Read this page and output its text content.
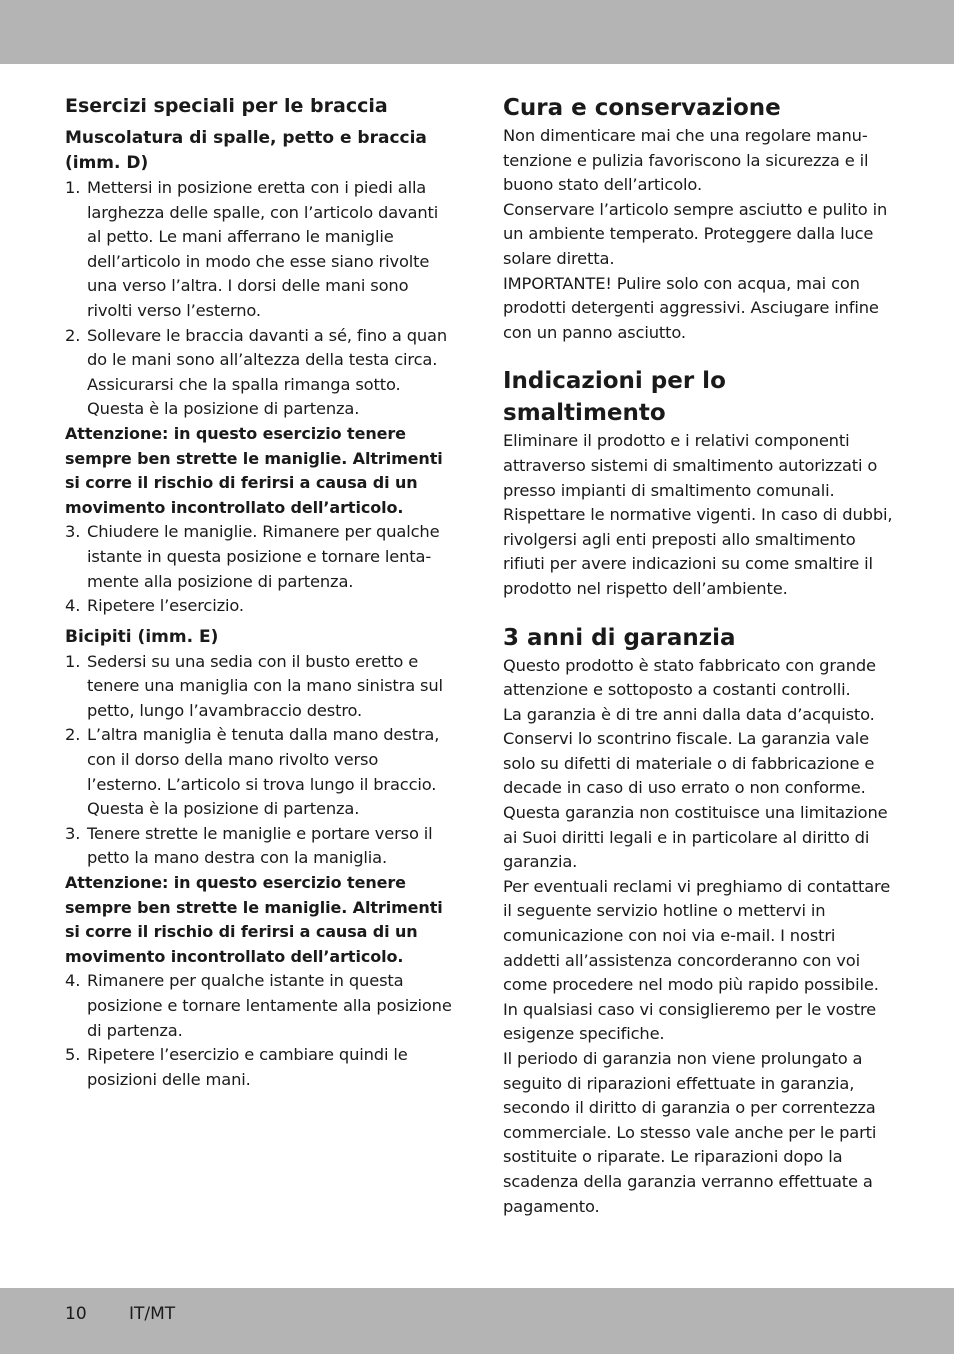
Esercizi speciali per le braccia
Muscolatura di spalle, petto e braccia (imm. D)
1. Mettersi in posizione eretta con i piedi alla larghezza delle spalle, con l’articolo davanti al petto. Le mani afferrano le maniglie dell’articolo in modo che esse siano rivolte una verso l’altra. I dorsi delle mani sono rivolti verso l’esterno.
2. Sollevare le braccia davanti a sé, fino a quan do le mani sono all’altezza della testa circa. Assicurarsi che la spalla rimanga sotto. Questa è la posizione di partenza.

Attenzione: in questo esercizio tenere sempre ben strette le maniglie. Altrimenti si corre il rischio di ferirsi a causa di un movimento incontrollato dell’articolo.

3. Chiudere le maniglie. Rimanere per qualche istante in questa posizione e tornare lentamente alla posizione di partenza.
4. Ripetere l’esercizio.
Bicipiti (imm. E)
1. Sedersi su una sedia con il busto eretto e tenere una maniglia con la mano sinistra sul petto, lungo l’avambraccio destro.
2. L’altra maniglia è tenuta dalla mano destra, con il dorso della mano rivolto verso l’esterno. L’articolo si trova lungo il braccio. Questa è la posizione di partenza.
3. Tenere strette le maniglie e portare verso il petto la mano destra con la maniglia.

Attenzione: in questo esercizio tenere sempre ben strette le maniglie. Altrimenti si corre il rischio di ferirsi a causa di un movimento incontrollato dell’articolo.

4. Rimanere per qualche istante in questa posizione e tornare lentamente alla posizione di partenza.
5. Ripetere l’esercizio e cambiare quindi le posizioni delle mani.
Cura e conservazione

Non dimenticare mai che una regolare manutenzione e pulizia favoriscono la sicurezza e il buono stato dell’articolo.

Conservare l’articolo sempre asciutto e pulito in un ambiente temperato. Proteggere dalla luce solare diretta.

IMPORTANTE! Pulire solo con acqua, mai con prodotti detergenti aggressivi. Asciugare infine con un panno asciutto.

Indicazioni per lo smaltimento

Eliminare il prodotto e i relativi componenti attraverso sistemi di smaltimento autorizzati o presso impianti di smaltimento comunali. Rispettare le normative vigenti. In caso di dubbi, rivolgersi agli enti preposti allo smaltimento rifiuti per avere indicazioni su come smaltire il prodotto nel rispetto dell’ambiente.

3 anni di garanzia

Questo prodotto è stato fabbricato con grande attenzione e sottoposto a costanti controlli.

La garanzia è di tre anni dalla data d’acquisto. Conservi lo scontrino fiscale. La garanzia vale solo su difetti di materiale o di fabbricazione e decade in caso di uso errato o non conforme. Questa garanzia non costituisce una limitazione ai Suoi diritti legali e in particolare al diritto di garanzia.

Per eventuali reclami vi preghiamo di contattare il seguente servizio hotline o mettervi in comunicazione con noi via e-mail. I nostri addetti all’assistenza concorderanno con voi come procedere nel modo più rapido possibile. In qualsiasi caso vi consiglieremo per le vostre esigenze specifiche.

Il periodo di garanzia non viene prolungato a seguito di riparazioni effettuate in garanzia, secondo il diritto di garanzia o per correntezza commerciale. Lo stesso vale anche per le parti sostituite o riparate. Le riparazioni dopo la scadenza della garanzia verranno effettuate a pagamento.

10 IT/MT
